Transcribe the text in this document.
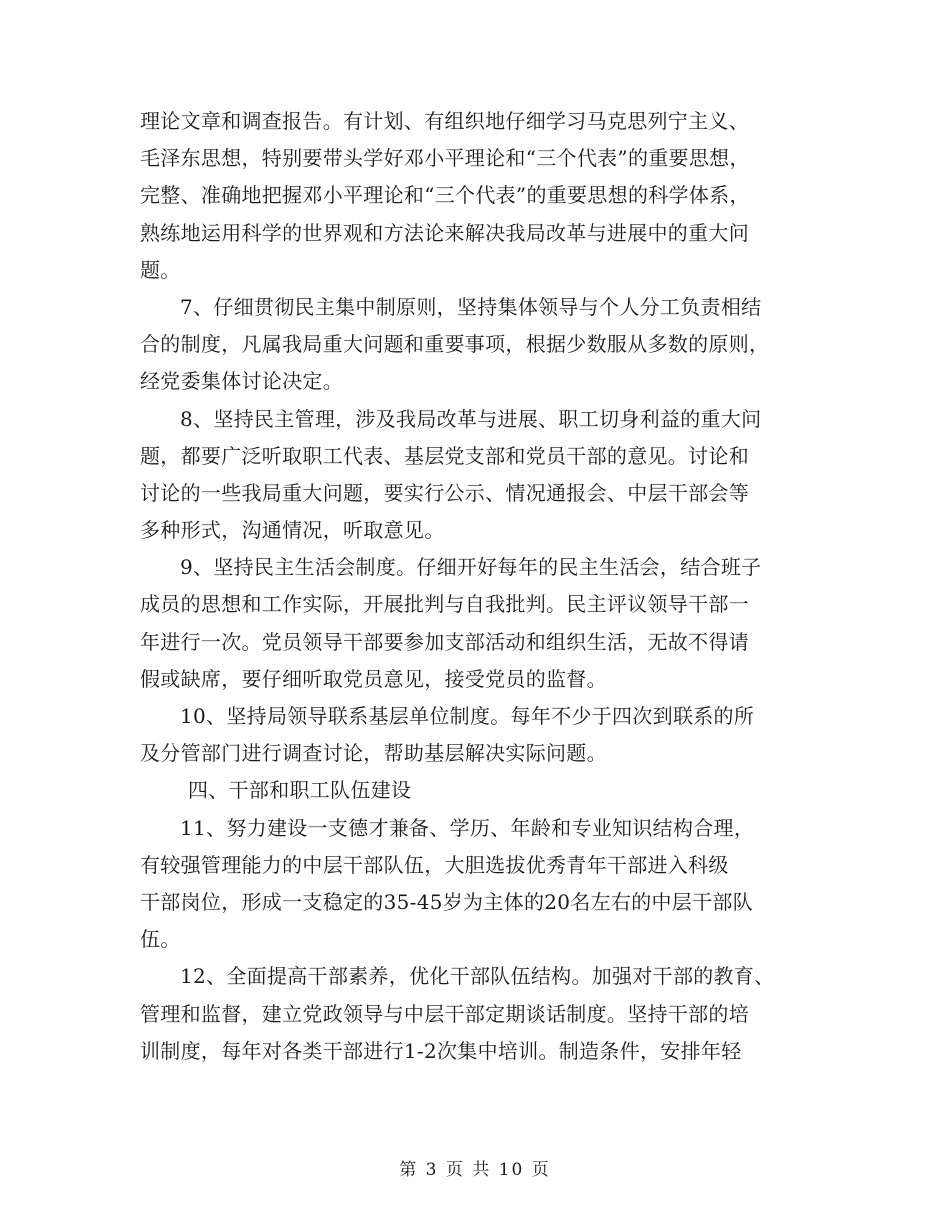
理论文章和调查报告。有计划、有组织地仔细学习马克思列宁主义、
毛泽东思想，特别要带头学好邓小平理论和“三个代表”的重要思想，
完整、准确地把握邓小平理论和“三个代表”的重要思想的科学体系，
熟练地运用科学的世界观和方法论来解决我局改革与进展中的重大问
题。
7、仔细贯彻民主集中制原则，坚持集体领导与个人分工负责相结
合的制度，凡属我局重大问题和重要事项，根据少数服从多数的原则，
经党委集体讨论决定。
8、坚持民主管理，涉及我局改革与进展、职工切身利益的重大问
题，都要广泛听取职工代表、基层党支部和党员干部的意见。讨论和
讨论的一些我局重大问题，要实行公示、情况通报会、中层干部会等
多种形式，沟通情况，听取意见。
9、坚持民主生活会制度。仔细开好每年的民主生活会，结合班子
成员的思想和工作实际，开展批判与自我批判。民主评议领导干部一
年进行一次。党员领导干部要参加支部活动和组织生活，无故不得请
假或缺席，要仔细听取党员意见，接受党员的监督。
10、坚持局领导联系基层单位制度。每年不少于四次到联系的所
及分管部门进行调查讨论，帮助基层解决实际问题。
四、干部和职工队伍建设
11、努力建设一支德才兼备、学历、年龄和专业知识结构合理，
有较强管理能力的中层干部队伍，大胆选拔优秀青年干部进入科级
干部岗位，形成一支稳定的35-45岁为主体的20名左右的中层干部队
伍。
12、全面提高干部素养，优化干部队伍结构。加强对干部的教育、
管理和监督，建立党政领导与中层干部定期谈话制度。坚持干部的培
训制度，每年对各类干部进行1-2次集中培训。制造条件，安排年轻
第 3 页 共 10 页
